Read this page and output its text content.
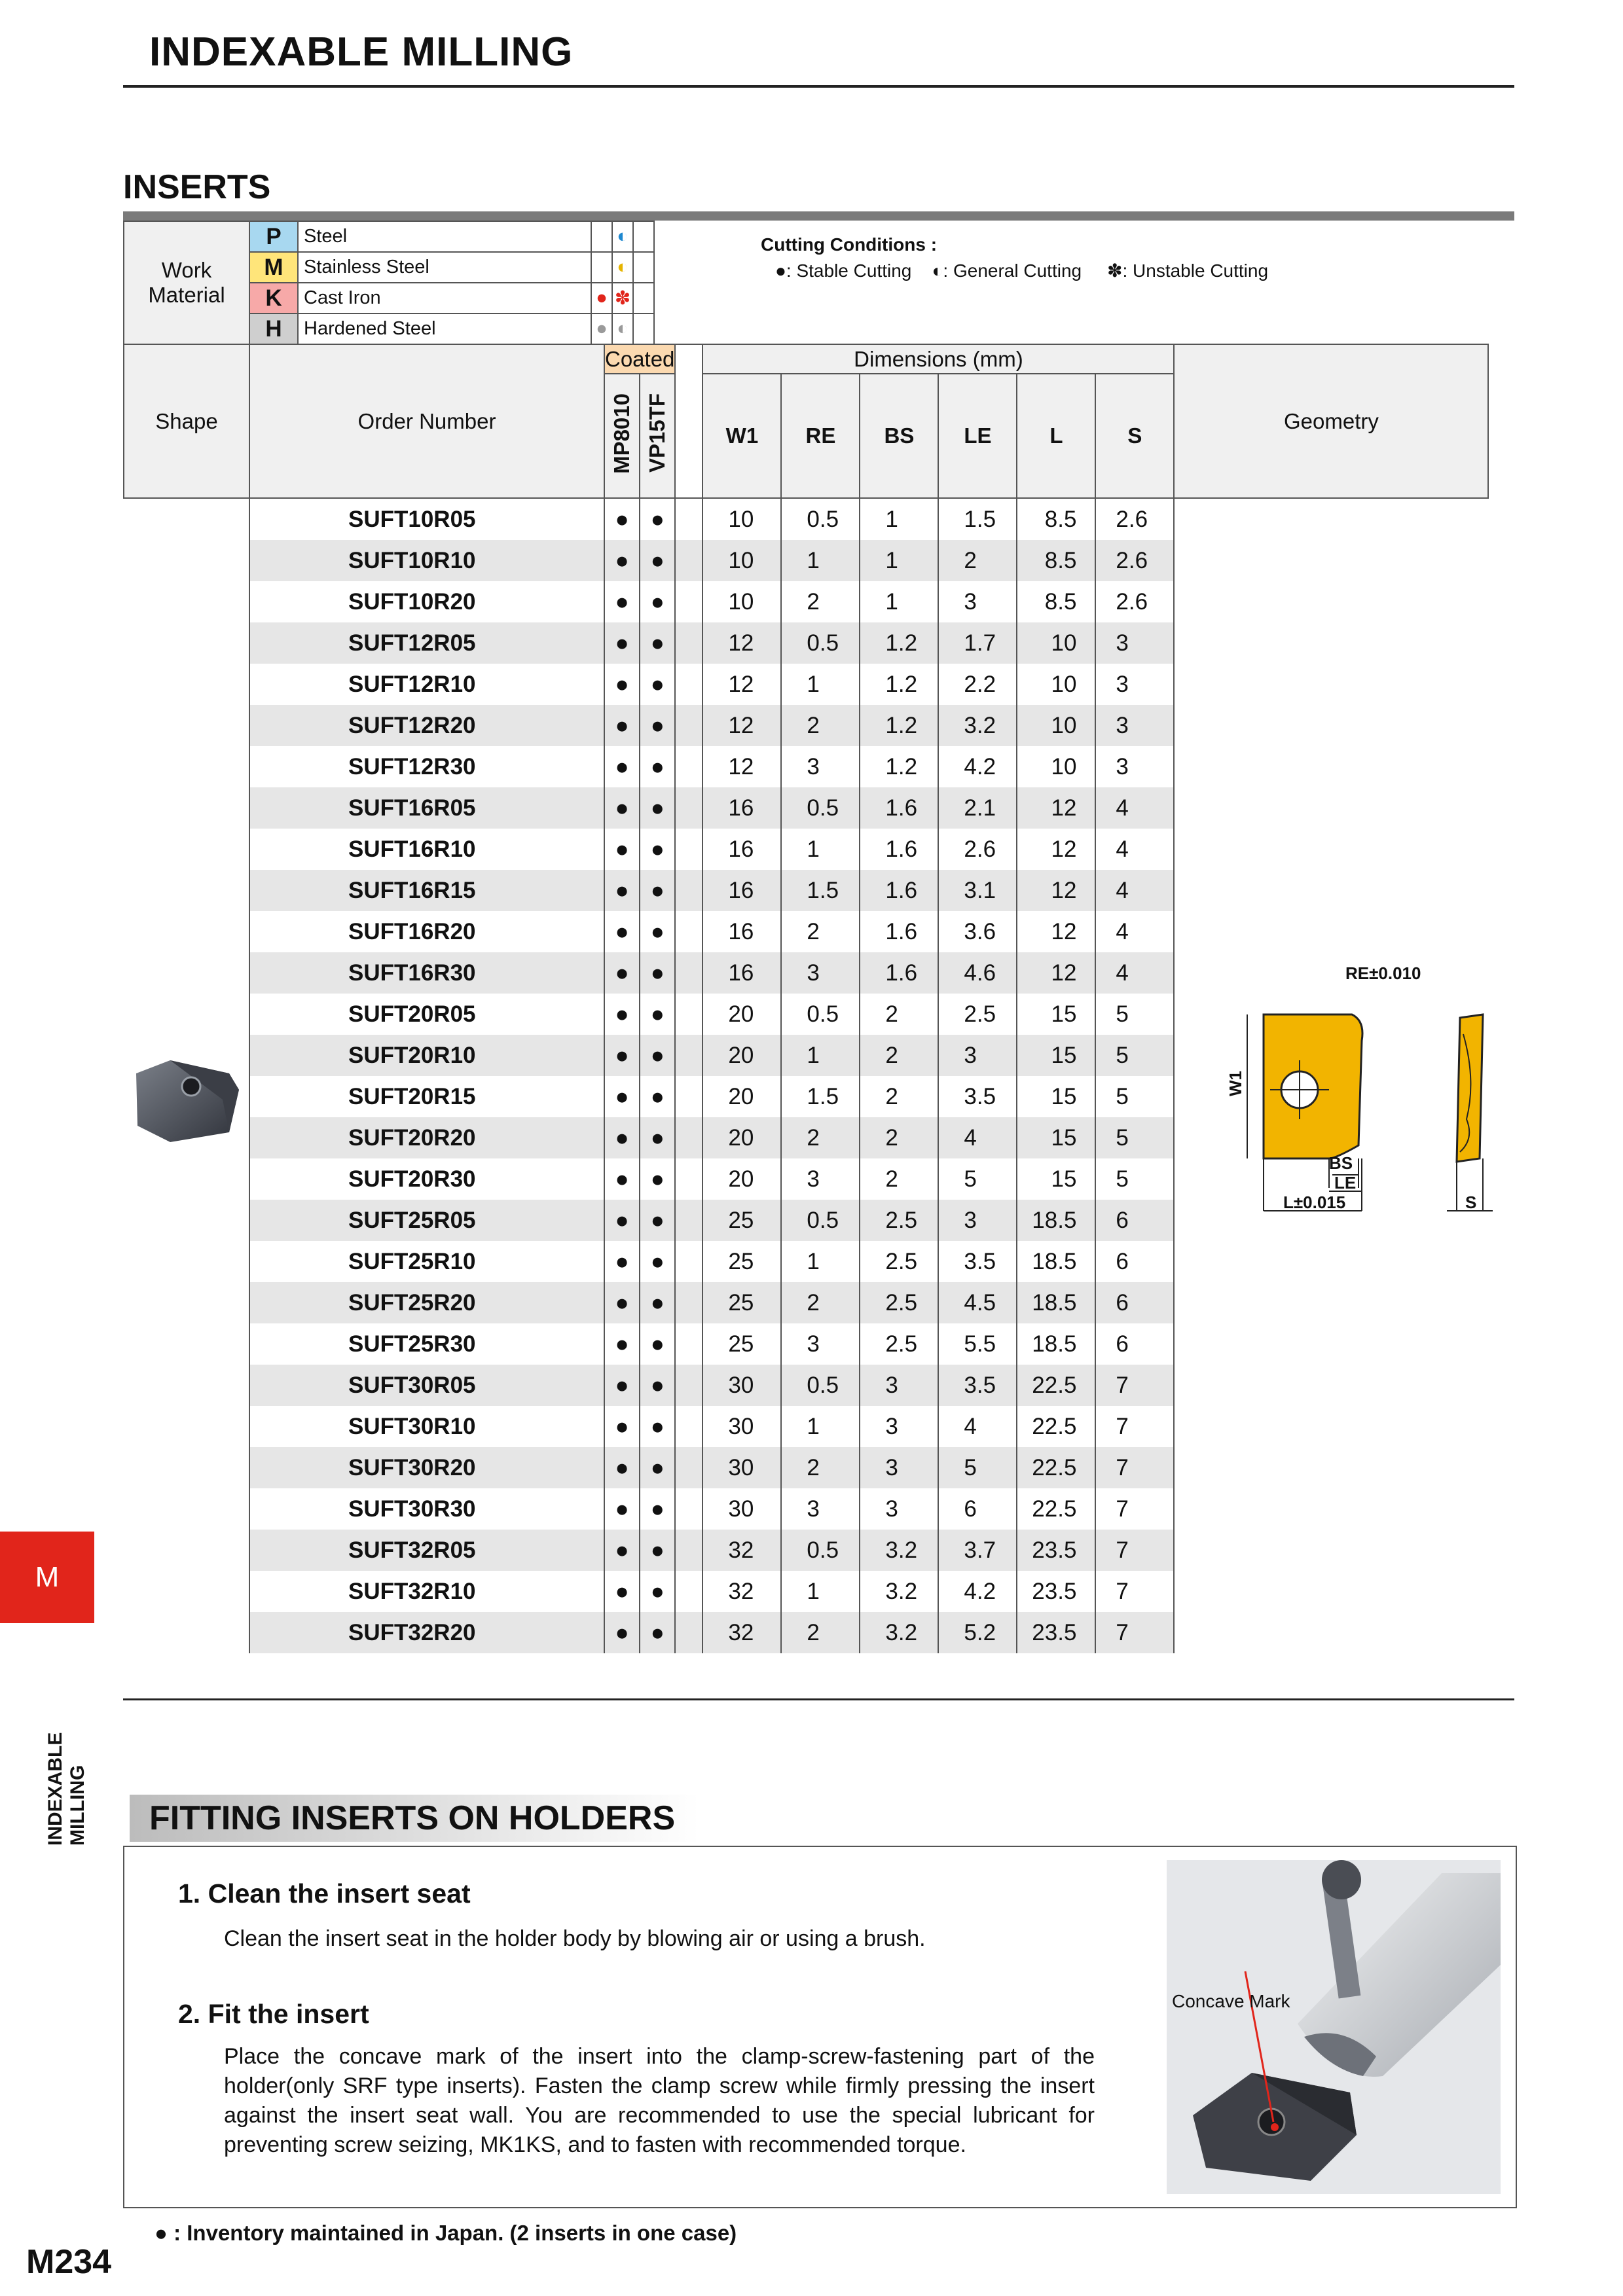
INDEXABLE MILLING
INSERTS
Work
Material	P	Steel		◐	
	M	Stainless Steel		◐	
	K	Cast Iron	●	✽	
	H	Hardened Steel	●	◐	
Cutting Conditions :
●: Stable Cutting ◐: General Cutting ✽: Unstable Cutting
Shape	Order Number	Coated			Dimensions (mm)						Geometry
		MP8010	VP15TF		W1	RE	BS	LE	L	S	
	SUFT10R05	●	●		10	0.5	1	1.5	8.5	2.6	
	SUFT10R10	●	●		10	1	1	2	8.5	2.6	
	SUFT10R20	●	●		10	2	1	3	8.5	2.6	
	SUFT12R05	●	●		12	0.5	1.2	1.7	10	3	
	SUFT12R10	●	●		12	1	1.2	2.2	10	3	
	SUFT12R20	●	●		12	2	1.2	3.2	10	3	
	SUFT12R30	●	●		12	3	1.2	4.2	10	3	
	SUFT16R05	●	●		16	0.5	1.6	2.1	12	4	
	SUFT16R10	●	●		16	1	1.6	2.6	12	4	
	SUFT16R15	●	●		16	1.5	1.6	3.1	12	4	
	SUFT16R20	●	●		16	2	1.6	3.6	12	4	
	SUFT16R30	●	●		16	3	1.6	4.6	12	4	
	SUFT20R05	●	●		20	0.5	2	2.5	15	5	
	SUFT20R10	●	●		20	1	2	3	15	5	
	SUFT20R15	●	●		20	1.5	2	3.5	15	5	
	SUFT20R20	●	●		20	2	2	4	15	5	
	SUFT20R30	●	●		20	3	2	5	15	5	
	SUFT25R05	●	●		25	0.5	2.5	3	18.5	6	
	SUFT25R10	●	●		25	1	2.5	3.5	18.5	6	
	SUFT25R20	●	●		25	2	2.5	4.5	18.5	6	
	SUFT25R30	●	●		25	3	2.5	5.5	18.5	6	
	SUFT30R05	●	●		30	0.5	3	3.5	22.5	7	
	SUFT30R10	●	●		30	1	3	4	22.5	7	
	SUFT30R20	●	●		30	2	3	5	22.5	7	
	SUFT30R30	●	●		30	3	3	6	22.5	7	
	SUFT32R05	●	●		32	0.5	3.2	3.7	23.5	7	
	SUFT32R10	●	●		32	1	3.2	4.2	23.5	7	
	SUFT32R20	●	●		32	2	3.2	5.2	23.5	7	
RE±0.010
W1
BS
LE
L±0.015	S
M
INDEXABLE MILLING FITTING INSERTS ON HOLDERS
1. Clean the insert seat
Clean the insert seat in the holder body by blowing air or using a brush.
2. Fit the insert
Place the concave mark of the insert into the clamp-screw-fastening part of the holder(only SRF type inserts). Fasten the clamp screw while firmly pressing the insert against the insert seat wall. You are recommended to use the special lubricant for preventing screw seizing, MK1KS, and to fasten with recommended torque.
Concave Mark
● : Inventory maintained in Japan. (2 inserts in one case)
M234
